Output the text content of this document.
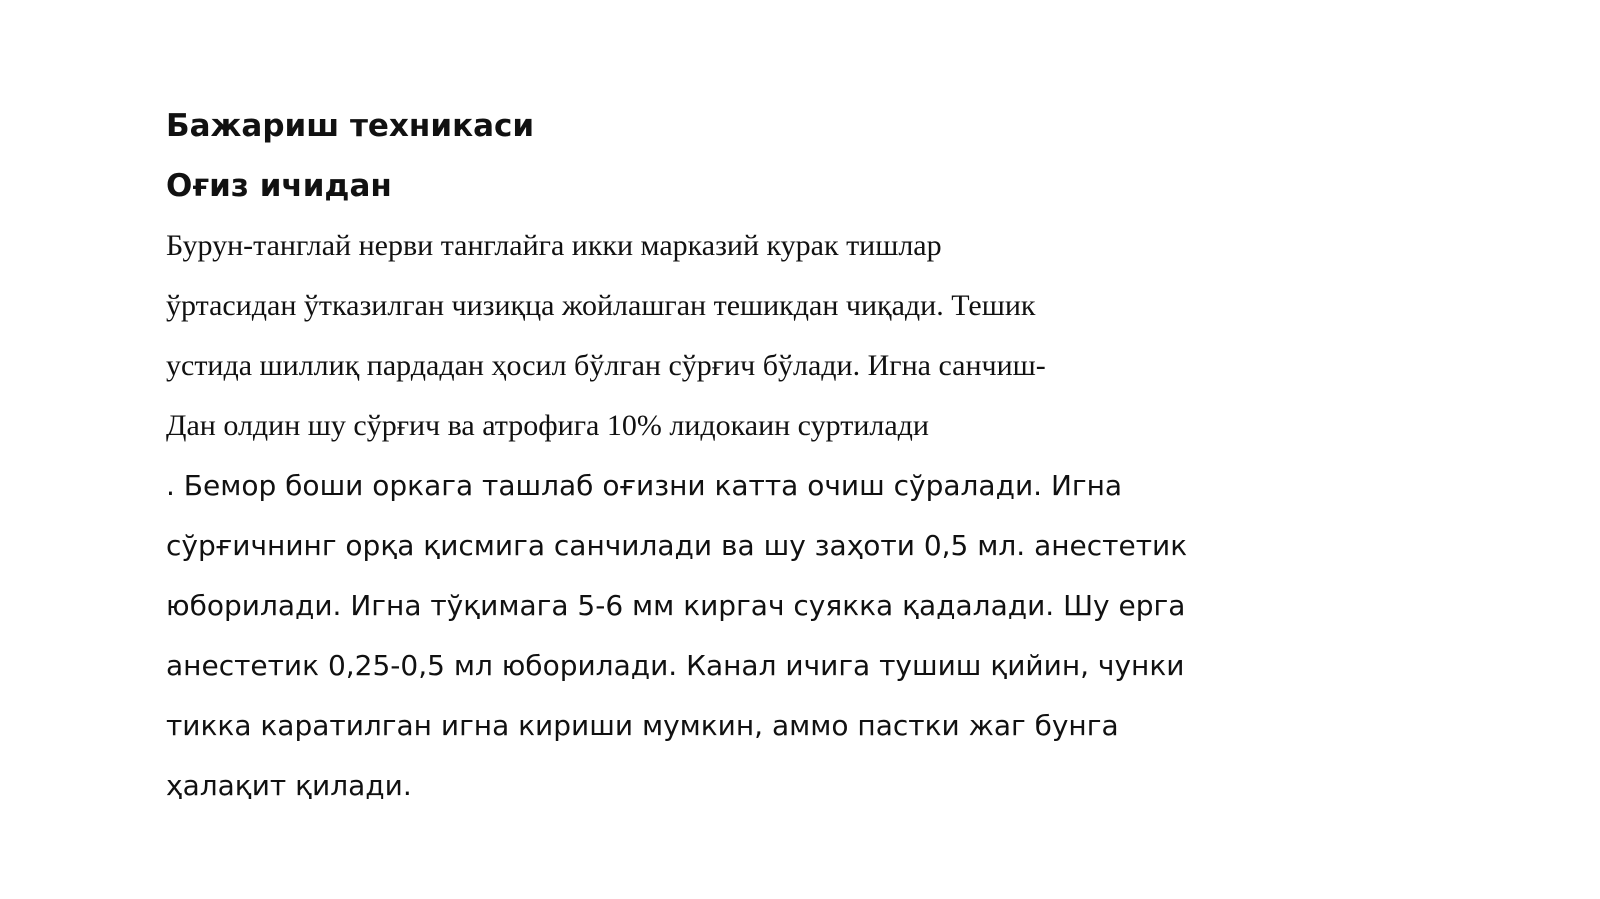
Бажариш техникаси
Оғиз ичидан
Бурун-танглай нерви танглайга икки марказий курак тишлар
ўртасидан ўтказилган чизиқца жойлашган тешикдан чиқади. Тешик
устида шиллиқ пардадан ҳосил бўлган сўрғич бўлади. Игна санчиш-
Дан олдин шу сўрғич ва атрофига 10% лидокаин суртилади
. Бемор боши оркага ташлаб оғизни катта очиш сўралади. Игна
сўрғичнинг орқа қисмига санчилади ва шу заҳоти 0,5 мл. анестетик
юборилади. Игна тўқимага 5-6 мм киргач суякка қадалади. Шу ерга
анестетик 0,25-0,5 мл юборилади. Канал ичига тушиш қийин, чунки
тикка каратилган игна кириши мумкин, аммо пастки жаг бунга
ҳалақит қилади.
